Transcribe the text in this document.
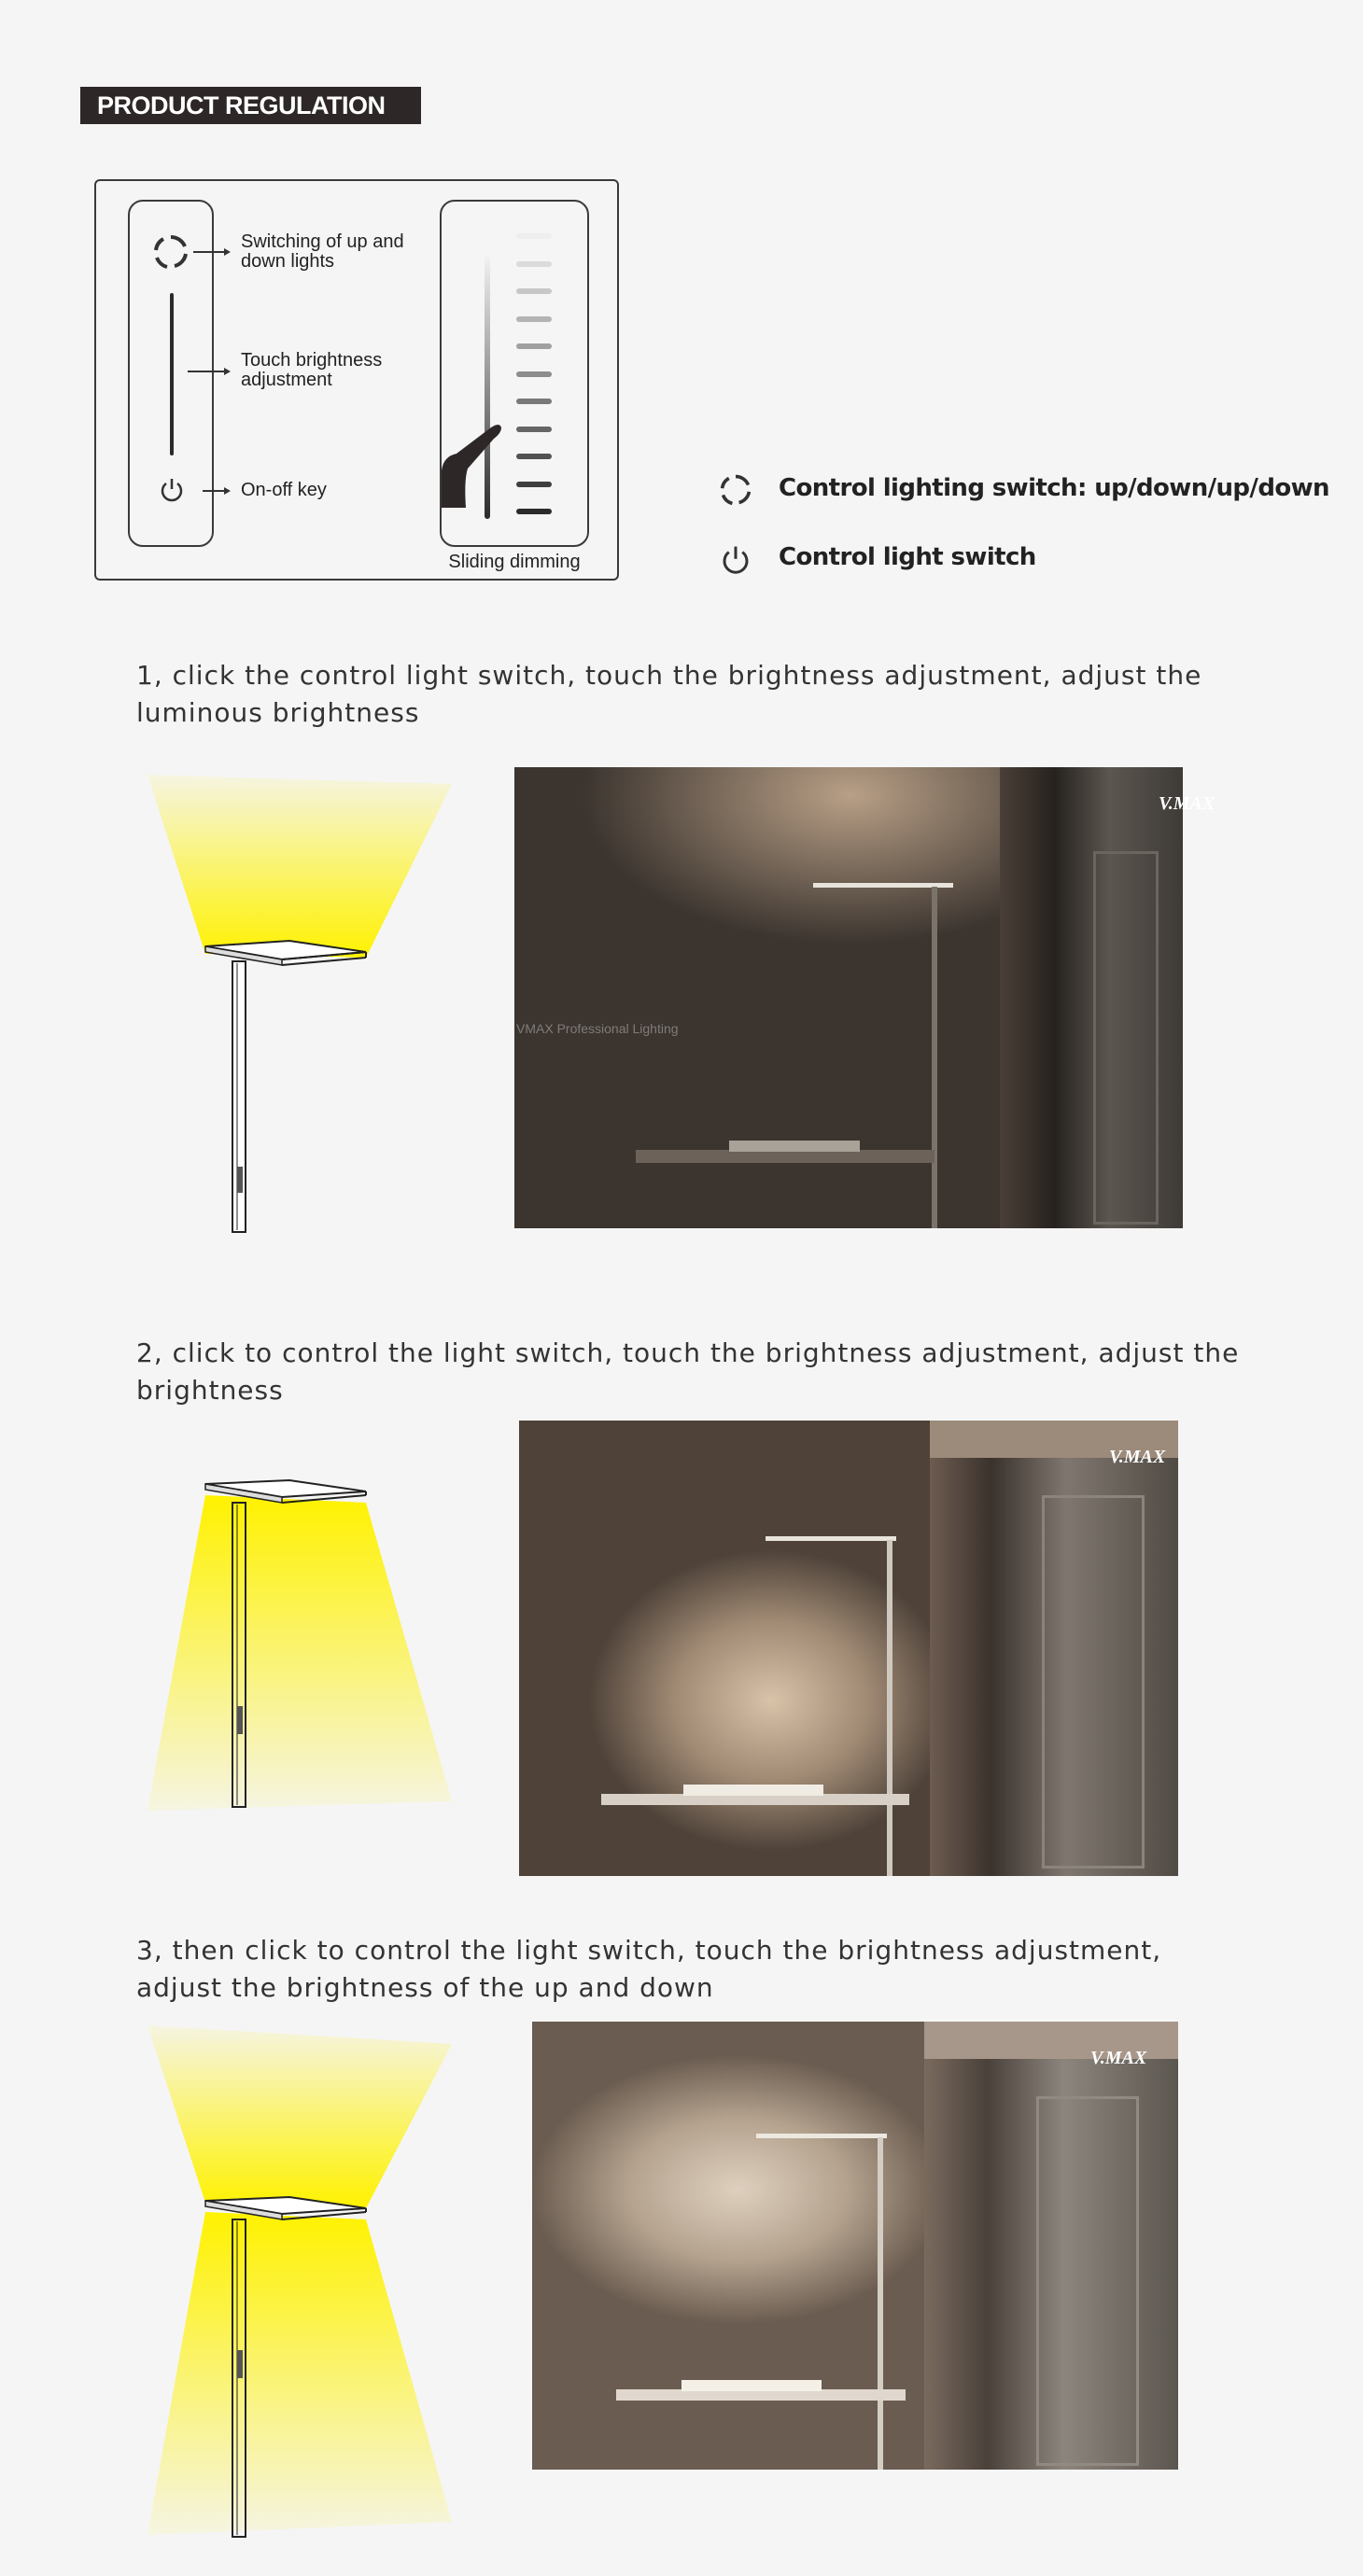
PRODUCT REGULATION
Switching of up and down lights
Touch brightness adjustment
On-off key
Sliding dimming
Control lighting switch: up/down/up/down
Control light switch
1, click the control light switch, touch the brightness adjustment, adjust the luminous brightness
2, click to control the light switch, touch the brightness adjustment, adjust the brightness
3, then click to control the light switch, touch the brightness adjustment, adjust the brightness of the up and down
V.MAX
VMAX Professional Lighting
V.MAX
V.MAX
